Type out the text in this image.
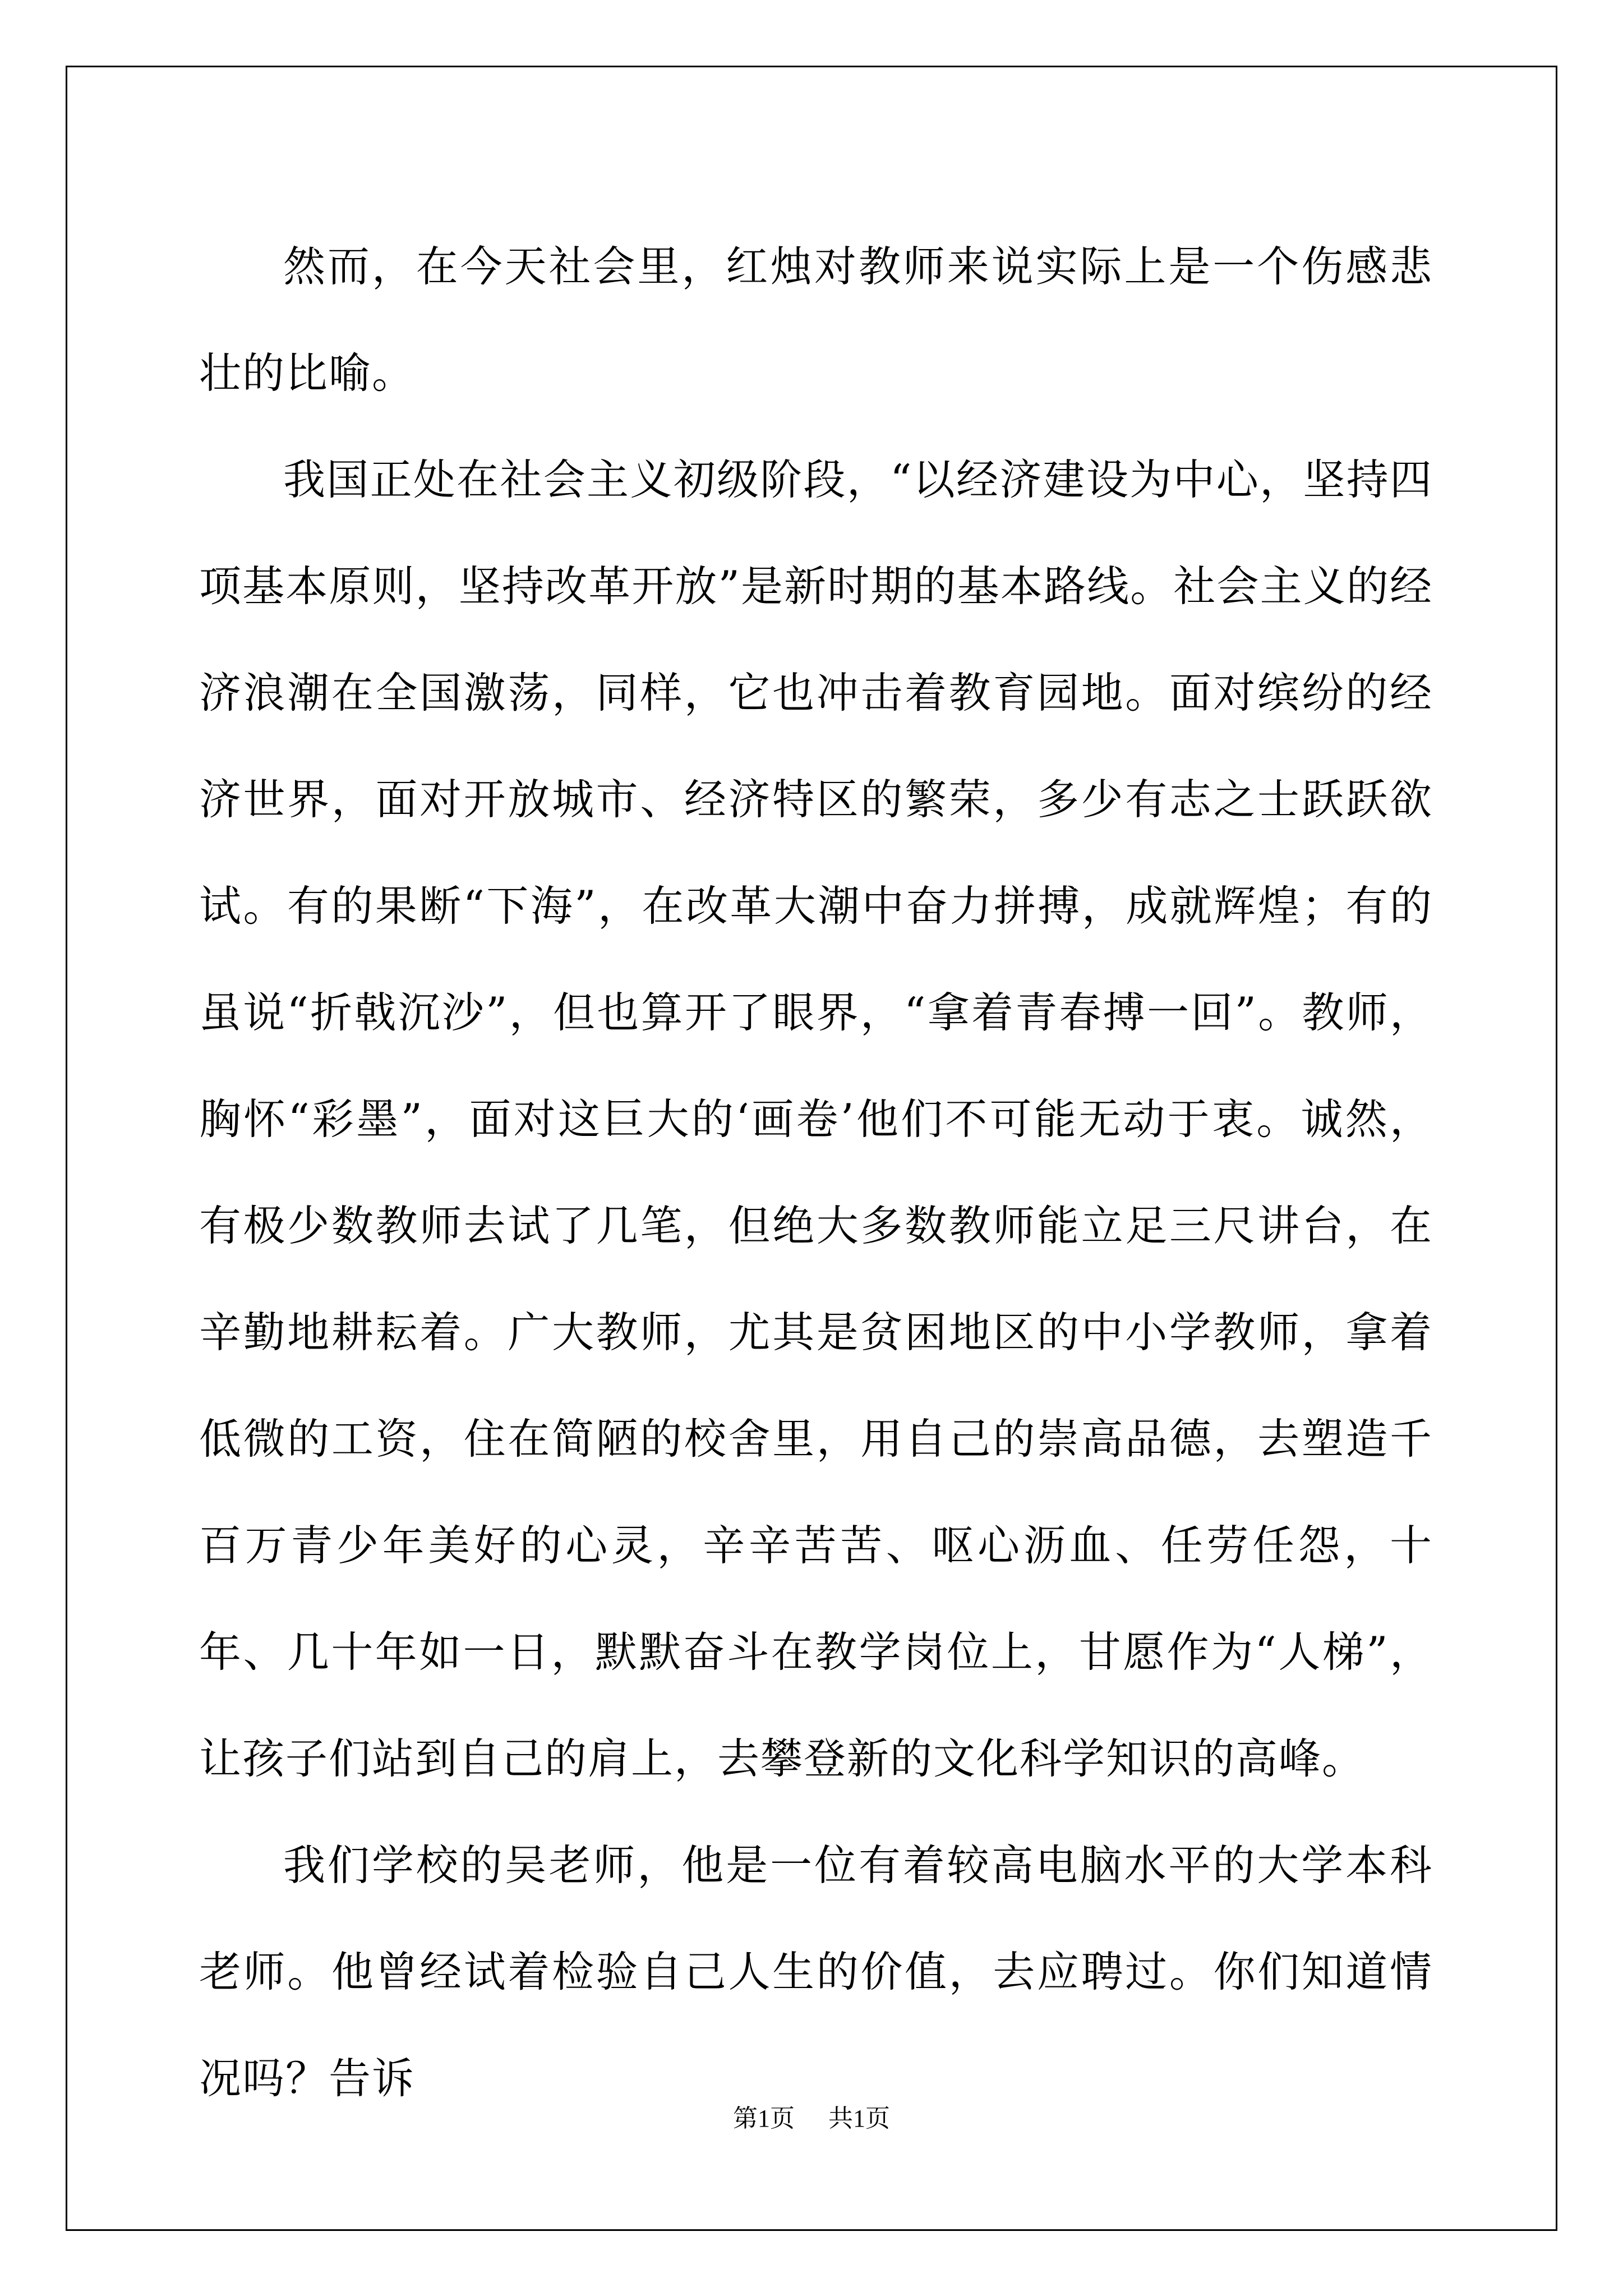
然而，在今天社会里，红烛对教师来说实际上是一个伤感悲壮的比喻。

我国正处在社会主义初级阶段，“以经济建设为中心，坚持四项基本原则，坚持改革开放”是新时期的基本路线。社会主义的经济浪潮在全国激荡，同样，它也冲击着教育园地。面对缤纷的经济世界，面对开放城市、经济特区的繁荣，多少有志之士跃跃欲试。有的果断“下海”，在改革大潮中奋力拼搏，成就辉煌；有的虽说“折戟沉沙”，但也算开了眼界，“拿着青春搏一回”。教师，胸怀“彩墨”，面对这巨大的‘画卷’他们不可能无动于衷。诚然，有极少数教师去试了几笔，但绝大多数教师能立足三尺讲台，在辛勤地耕耘着。广大教师，尤其是贫困地区的中小学教师，拿着低微的工资，住在简陋的校舍里，用自己的崇高品德，去塑造千百万青少年美好的心灵，辛辛苦苦、呕心沥血、任劳任怨，十年、几十年如一日，默默奋斗在教学岗位上，甘愿作为“人梯”，让孩子们站到自己的肩上，去攀登新的文化科学知识的高峰。

我们学校的吴老师，他是一位有着较高电脑水平的大学本科老师。他曾经试着检验自己人生的价值，去应聘过。你们知道情况吗？告诉

第1页 共1页
